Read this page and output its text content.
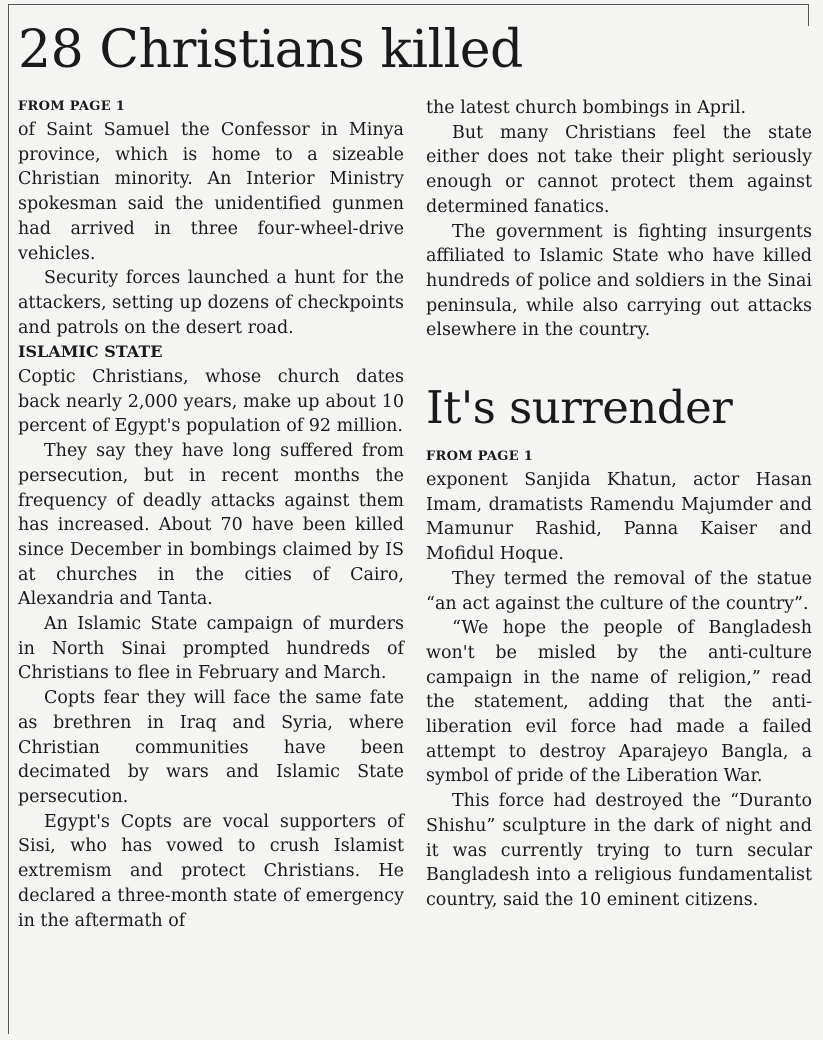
28 Christians killed
FROM PAGE 1

of Saint Samuel the Confessor in Minya province, which is home to a sizeable Christian minority. An Interior Ministry spokesman said the unidentified gunmen had arrived in three four-wheel-drive vehicles.

Security forces launched a hunt for the attackers, setting up dozens of checkpoints and patrols on the desert road.

ISLAMIC STATE

Coptic Christians, whose church dates back nearly 2,000 years, make up about 10 percent of Egypt's population of 92 million.

They say they have long suffered from persecution, but in recent months the frequency of deadly attacks against them has increased. About 70 have been killed since December in bombings claimed by IS at churches in the cities of Cairo, Alexandria and Tanta.

An Islamic State campaign of murders in North Sinai prompted hundreds of Christians to flee in February and March.

Copts fear they will face the same fate as brethren in Iraq and Syria, where Christian communities have been decimated by wars and Islamic State persecution.

Egypt's Copts are vocal supporters of Sisi, who has vowed to crush Islamist extremism and protect Christians. He declared a three-month state of emergency in the aftermath of

the latest church bombings in April.

But many Christians feel the state either does not take their plight seriously enough or cannot protect them against determined fanatics.

The government is fighting insurgents affiliated to Islamic State who have killed hundreds of police and soldiers in the Sinai peninsula, while also carrying out attacks elsewhere in the country.

It's surrender
FROM PAGE 1

exponent Sanjida Khatun, actor Hasan Imam, dramatists Ramendu Majumder and Mamunur Rashid, Panna Kaiser and Mofidul Hoque.

They termed the removal of the statue “an act against the culture of the country”.

“We hope the people of Bangladesh won't be misled by the anti-culture campaign in the name of religion,” read the statement, adding that the anti-liberation evil force had made a failed attempt to destroy Aparajeyo Bangla, a symbol of pride of the Liberation War.

This force had destroyed the “Duranto Shishu” sculpture in the dark of night and it was currently trying to turn secular Bangladesh into a religious fundamentalist country, said the 10 eminent citizens.
